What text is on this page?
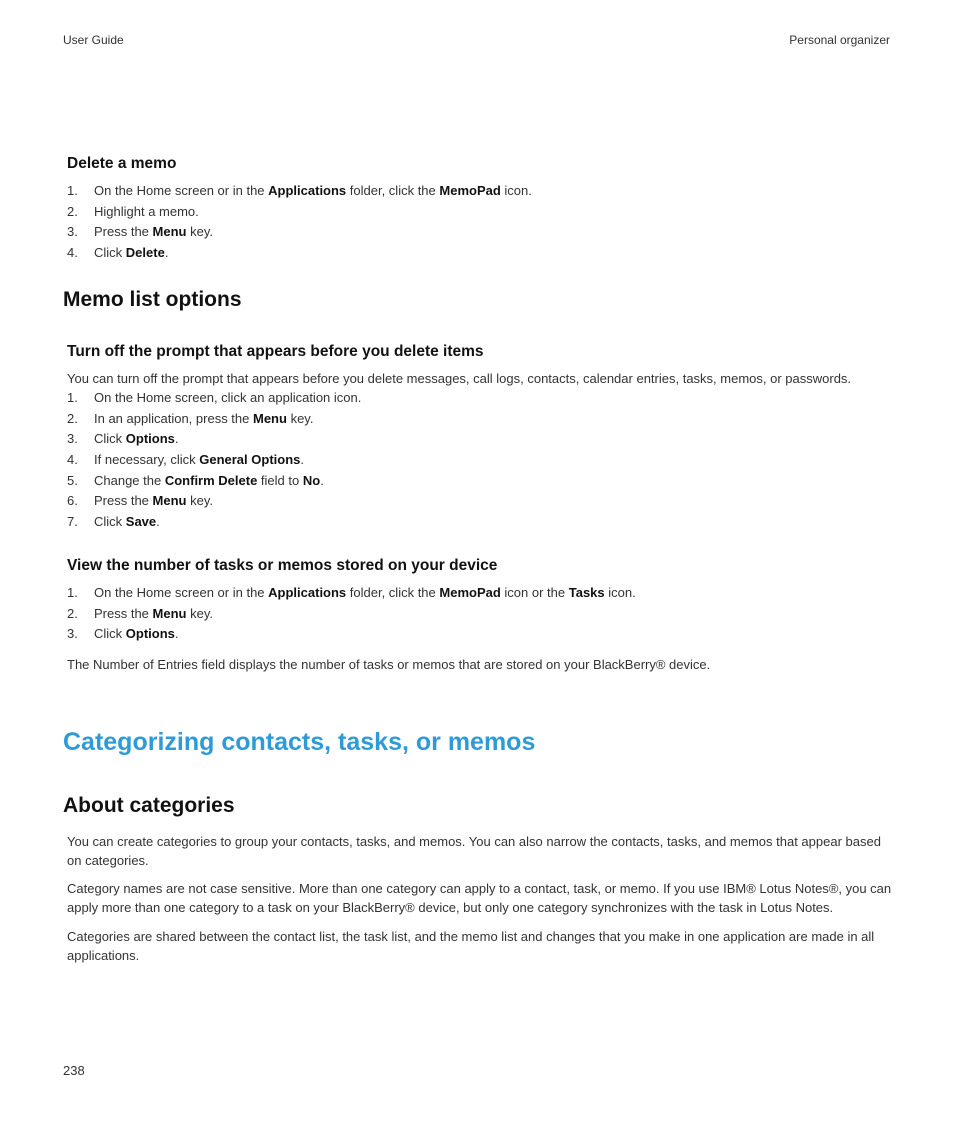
User Guide	Personal organizer
Delete a memo
1.	On the Home screen or in the Applications folder, click the MemoPad icon.
2.	Highlight a memo.
3.	Press the Menu key.
4.	Click Delete.
Memo list options
Turn off the prompt that appears before you delete items
You can turn off the prompt that appears before you delete messages, call logs, contacts, calendar entries, tasks, memos, or passwords.
1.	On the Home screen, click an application icon.
2.	In an application, press the Menu key.
3.	Click Options.
4.	If necessary, click General Options.
5.	Change the Confirm Delete field to No.
6.	Press the Menu key.
7.	Click Save.
View the number of tasks or memos stored on your device
1.	On the Home screen or in the Applications folder, click the MemoPad icon or the Tasks icon.
2.	Press the Menu key.
3.	Click Options.
The Number of Entries field displays the number of tasks or memos that are stored on your BlackBerry® device.
Categorizing contacts, tasks, or memos
About categories
You can create categories to group your contacts, tasks, and memos. You can also narrow the contacts, tasks, and memos that appear based on categories.
Category names are not case sensitive. More than one category can apply to a contact, task, or memo. If you use IBM® Lotus Notes®, you can apply more than one category to a task on your BlackBerry® device, but only one category synchronizes with the task in Lotus Notes.
Categories are shared between the contact list, the task list, and the memo list and changes that you make in one application are made in all applications.
238
